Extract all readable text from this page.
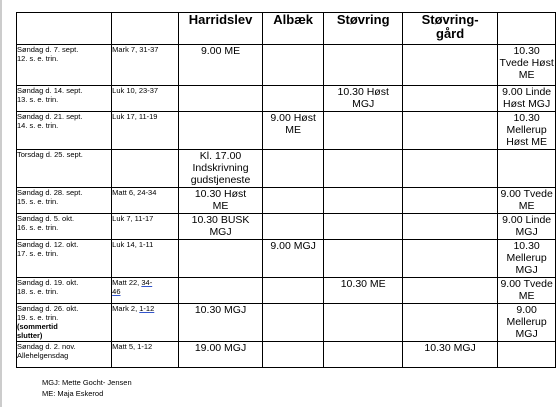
		Harridslev	Albæk	Støvring	Støvring-
gård	
Søndag d. 7. sept.
12. s. e. trin.	Mark 7, 31-37	9.00 ME				10.30
Tvede Høst
ME
Søndag d. 14. sept.
13. s. e. trin.	Luk 10, 23-37			10.30 Høst
MGJ		9.00 Linde
Høst MGJ
Søndag d. 21. sept.
14. s. e. trin.	Luk 17, 11-19		9.00 Høst
ME			10.30
Mellerup
Høst ME
Torsdag d. 25. sept.		Kl. 17.00
Indskrivning
gudstjeneste				
Søndag d. 28. sept.
15. s. e. trin.	Matt 6, 24-34	10.30 Høst
ME				9.00 Tvede
ME
Søndag d. 5. okt.
16. s. e. trin.	Luk 7, 11-17	10.30 BUSK
MGJ				9.00 Linde
MGJ
Søndag d. 12. okt.
17. s. e. trin.	Luk 14, 1-11		9.00 MGJ			10.30
Mellerup
MGJ
Søndag d. 19. okt.
18. s. e. trin.	Matt 22, 34-
46			10.30 ME		9.00 Tvede
ME
Søndag d. 26. okt.
19. s. e. trin.
(sommertid
slutter)	Mark 2, 1-12	10.30 MGJ				9.00
Mellerup
MGJ
Søndag d. 2. nov.
Allehelgensdag	Matt 5, 1-12	19.00 MGJ			10.30 MGJ	
MGJ: Mette Gocht- Jensen
ME: Maja Eskerod
